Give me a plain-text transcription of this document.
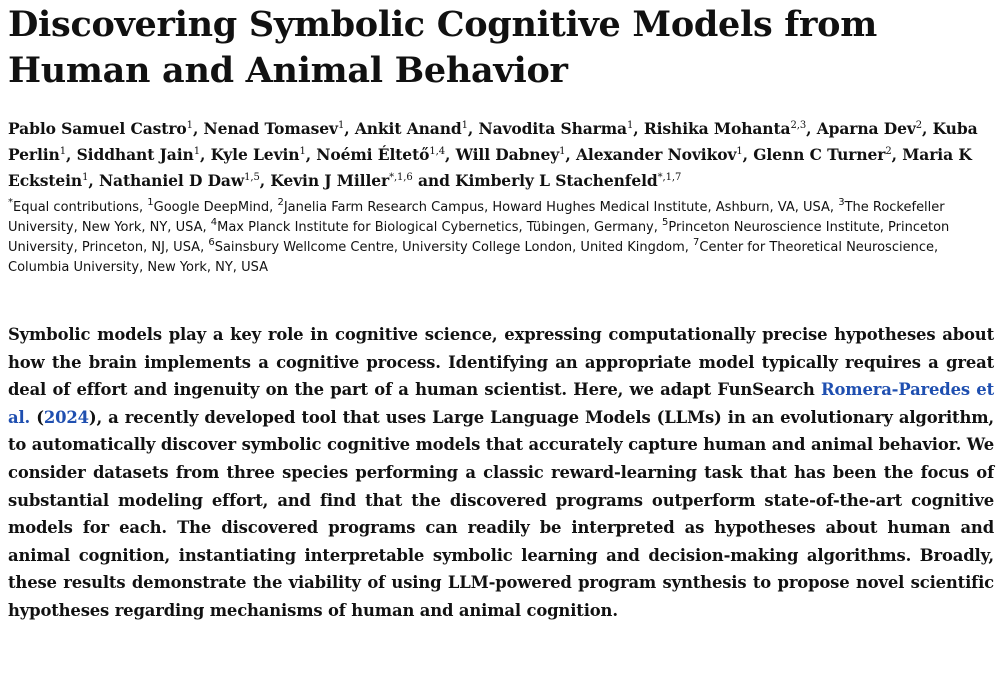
Discovering Symbolic Cognitive Models from Human and Animal Behavior
Pablo Samuel Castro$^1$, Nenad Tomasev$^1$, Ankit Anand$^1$, Navodita Sharma$^1$, Rishika Mohanta$^{2,3}$, Aparna Dev$^2$, Kuba Perlin$^1$, Siddhant Jain$^1$, Kyle Levin$^1$, Noémi Éltető$^{1,4}$, Will Dabney$^1$, Alexander Novikov$^1$, Glenn C Turner$^2$, Maria K Eckstein$^1$, Nathaniel D Daw$^{1,5}$, Kevin J Miller$^{*,1,6}$ and Kimberly L Stachenfeld$^{*,1,7}$
*Equal contributions, $^1$Google DeepMind, $^2$Janelia Farm Research Campus, Howard Hughes Medical Institute, Ashburn, VA, USA, $^3$The Rockefeller University, New York, NY, USA, $^4$Max Planck Institute for Biological Cybernetics, Tübingen, Germany, $^5$Princeton Neuroscience Institute, Princeton University, Princeton, NJ, USA, $^6$Sainsbury Wellcome Centre, University College London, United Kingdom, $^7$Center for Theoretical Neuroscience, Columbia University, New York, NY, USA

Symbolic models play a key role in cognitive science, expressing computationally precise hypotheses about how the brain implements a cognitive process. Identifying an appropriate model typically requires a great deal of effort and ingenuity on the part of a human scientist. Here, we adapt FunSearch Romera-Paredes et al. (2024), a recently developed tool that uses Large Language Models (LLMs) in an evolutionary algorithm, to automatically discover symbolic cognitive models that accurately capture human and animal behavior. We consider datasets from three species performing a classic reward-learning task that has been the focus of substantial modeling effort, and find that the discovered programs outperform state-of-the-art cognitive models for each. The discovered programs can readily be interpreted as hypotheses about human and animal cognition, instantiating interpretable symbolic learning and decision-making algorithms. Broadly, these results demonstrate the viability of using LLM-powered program synthesis to propose novel scientific hypotheses regarding mechanisms of human and animal cognition.
